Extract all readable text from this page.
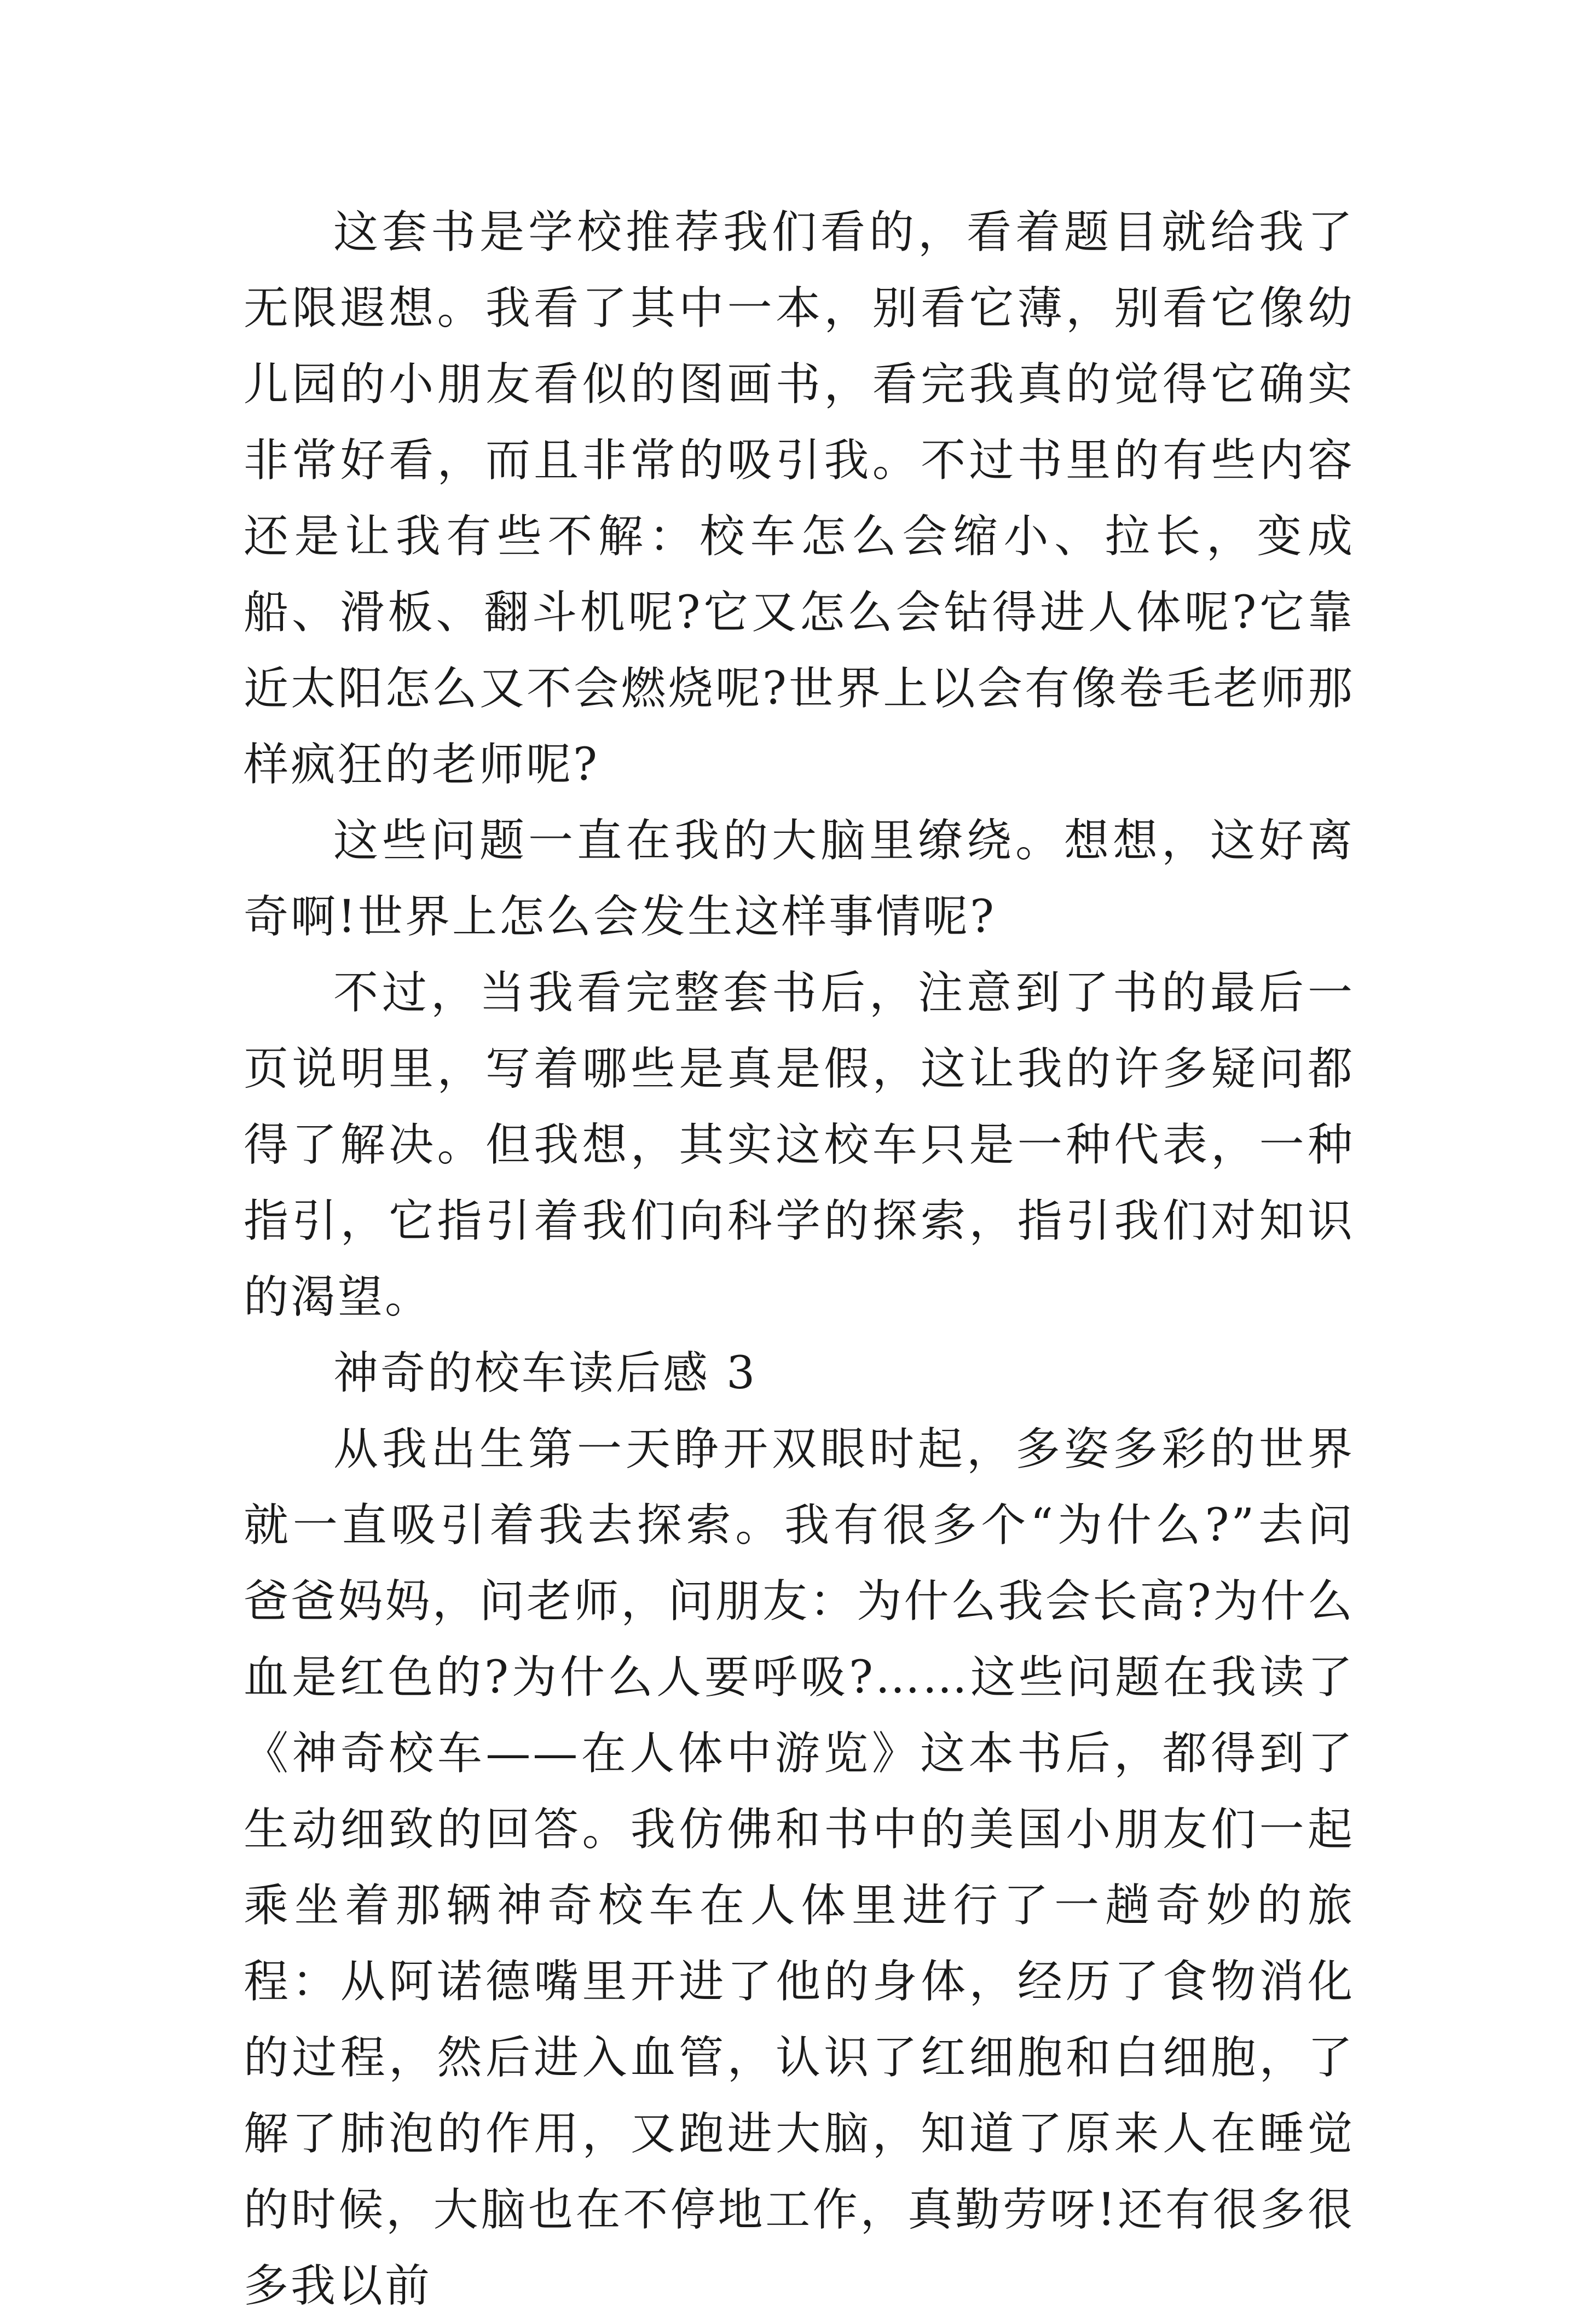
这套书是学校推荐我们看的，看着题目就给我了无限遐想。我看了其中一本，别看它薄，别看它像幼儿园的小朋友看似的图画书，看完我真的觉得它确实非常好看，而且非常的吸引我。不过书里的有些内容还是让我有些不解：校车怎么会缩小、拉长，变成船、滑板、翻斗机呢?它又怎么会钻得进人体呢?它靠近太阳怎么又不会燃烧呢?世界上以会有像卷毛老师那样疯狂的老师呢?

这些问题一直在我的大脑里缭绕。想想，这好离奇啊!世界上怎么会发生这样事情呢?

不过，当我看完整套书后，注意到了书的最后一页说明里，写着哪些是真是假，这让我的许多疑问都得了解决。但我想，其实这校车只是一种代表，一种指引，它指引着我们向科学的探索，指引我们对知识的渴望。

神奇的校车读后感 3

从我出生第一天睁开双眼时起，多姿多彩的世界就一直吸引着我去探索。我有很多个“为什么?”去问爸爸妈妈，问老师，问朋友：为什么我会长高?为什么血是红色的?为什么人要呼吸?……这些问题在我读了《神奇校车——在人体中游览》这本书后，都得到了生动细致的回答。我仿佛和书中的美国小朋友们一起乘坐着那辆神奇校车在人体里进行了一趟奇妙的旅程：从阿诺德嘴里开进了他的身体，经历了食物消化的过程，然后进入血管，认识了红细胞和白细胞，了解了肺泡的作用，又跑进大脑，知道了原来人在睡觉的时候，大脑也在不停地工作，真勤劳呀!还有很多很多我以前
